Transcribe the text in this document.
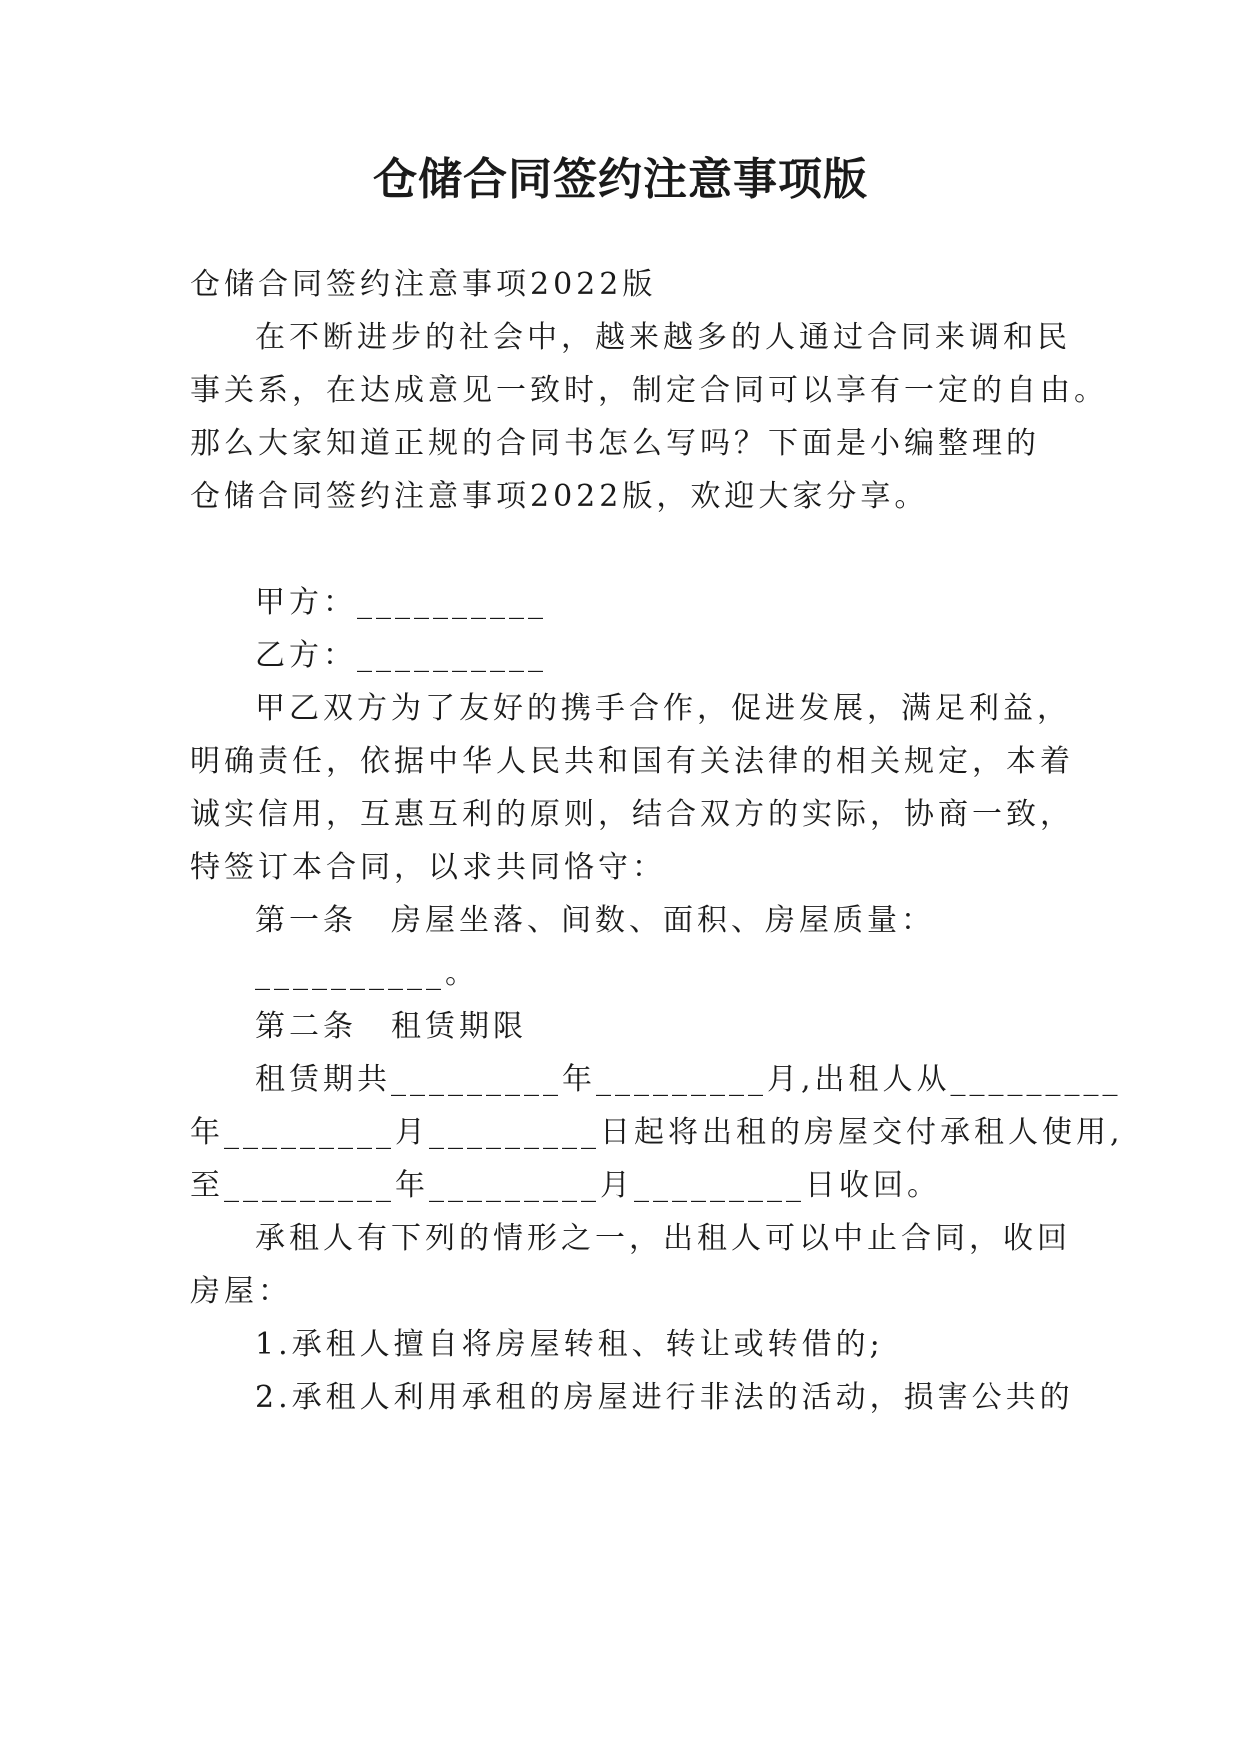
仓储合同签约注意事项版
仓储合同签约注意事项2022版
在不断进步的社会中，越来越多的人通过合同来调和民
事关系，在达成意见一致时，制定合同可以享有一定的自由。
那么大家知道正规的合同书怎么写吗？下面是小编整理的
仓储合同签约注意事项2022版，欢迎大家分享。
甲方：__________
乙方：__________
甲乙双方为了友好的携手合作，促进发展，满足利益，
明确责任，依据中华人民共和国有关法律的相关规定，本着
诚实信用，互惠互利的原则，结合双方的实际，协商一致，
特签订本合同，以求共同恪守：
第一条　房屋坐落、间数、面积、房屋质量：
__________。
第二条　租赁期限
租赁期共_________年_________月,出租人从_________
年_________月_________日起将出租的房屋交付承租人使用,
至_________年_________月_________日收回。
承租人有下列的情形之一，出租人可以中止合同，收回
房屋：
1.承租人擅自将房屋转租、转让或转借的;
2.承租人利用承租的房屋进行非法的活动，损害公共的
